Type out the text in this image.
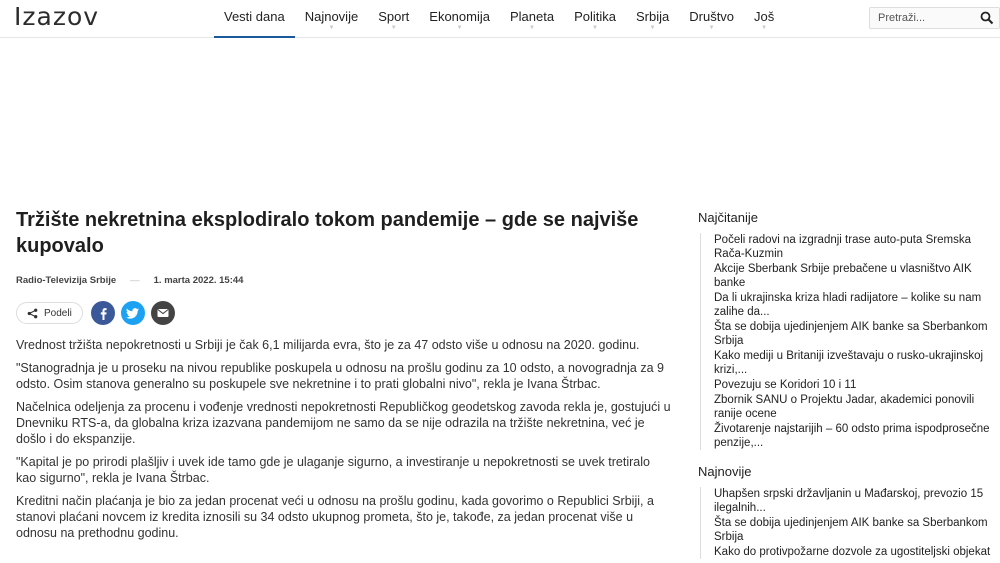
Izazov	Vesti dana	Najnovije
▼
Sport
▼
Ekonomija
▼
Planeta
▼
Politika
▼
Srbija
▼
Društvo
▼
Još
▼
Pretraži...
Tržište nekretnina eksplodiralo tokom pandemije – gde se najviše kupovalo
Radio-Televizija Srbije — 1. marta 2022. 15:44
Podeli

Vrednost tržišta nepokretnosti u Srbiji je čak 6,1 milijarda evra, što je za 47 odsto više u odnosu na 2020. godinu.

"Stanogradnja je u proseku na nivou republike poskupela u odnosu na prošlu godinu za 10 odsto, a novogradnja za 9 odsto. Osim stanova generalno su poskupele sve nekretnine i to prati globalni nivo", rekla je Ivana Štrbac.

Načelnica odeljenja za procenu i vođenje vrednosti nepokretnosti Republičkog geodetskog zavoda rekla je, gostujući u Dnevniku RTS-a, da globalna kriza izazvana pandemijom ne samo da se nije odrazila na tržište nekretnina, već je došlo i do ekspanzije.

"Kapital je po prirodi plašljiv i uvek ide tamo gde je ulaganje sigurno, a investiranje u nepokretnosti se uvek tretiralo kao sigurno", rekla je Ivana Štrbac.

Kreditni način plaćanja je bio za jedan procenat veći u odnosu na prošlu godinu, kada govorimo o Republici Srbiji, a stanovi plaćani novcem iz kredita iznosili su 34 odsto ukupnog prometa, što je, takođe, za jedan procenat više u odnosu na prethodnu godinu.

Najčitanije
Počeli radovi na izgradnji trase auto-puta Sremska Rača-Kuzmin
Akcije Sberbank Srbije prebačene u vlasništvo AIK banke
Da li ukrajinska kriza hladi radijatore – kolike su nam zalihe da...
Šta se dobija ujedinjenjem AIK banke sa Sberbankom Srbija
Kako mediji u Britaniji izveštavaju o rusko-ukrajinskoj krizi,...
Povezuju se Koridori 10 i 11
Zbornik SANU o Projektu Jadar, akademici ponovili ranije ocene
Životarenje najstarijih – 60 odsto prima ispodprosečne penzije,...
Najnovije
Uhapšen srpski državljanin u Mađarskoj, prevozio 15 ilegalnih...
Šta se dobija ujedinjenjem AIK banke sa Sberbankom Srbija
Kako do protivpožarne dozvole za ugostiteljski objekat
